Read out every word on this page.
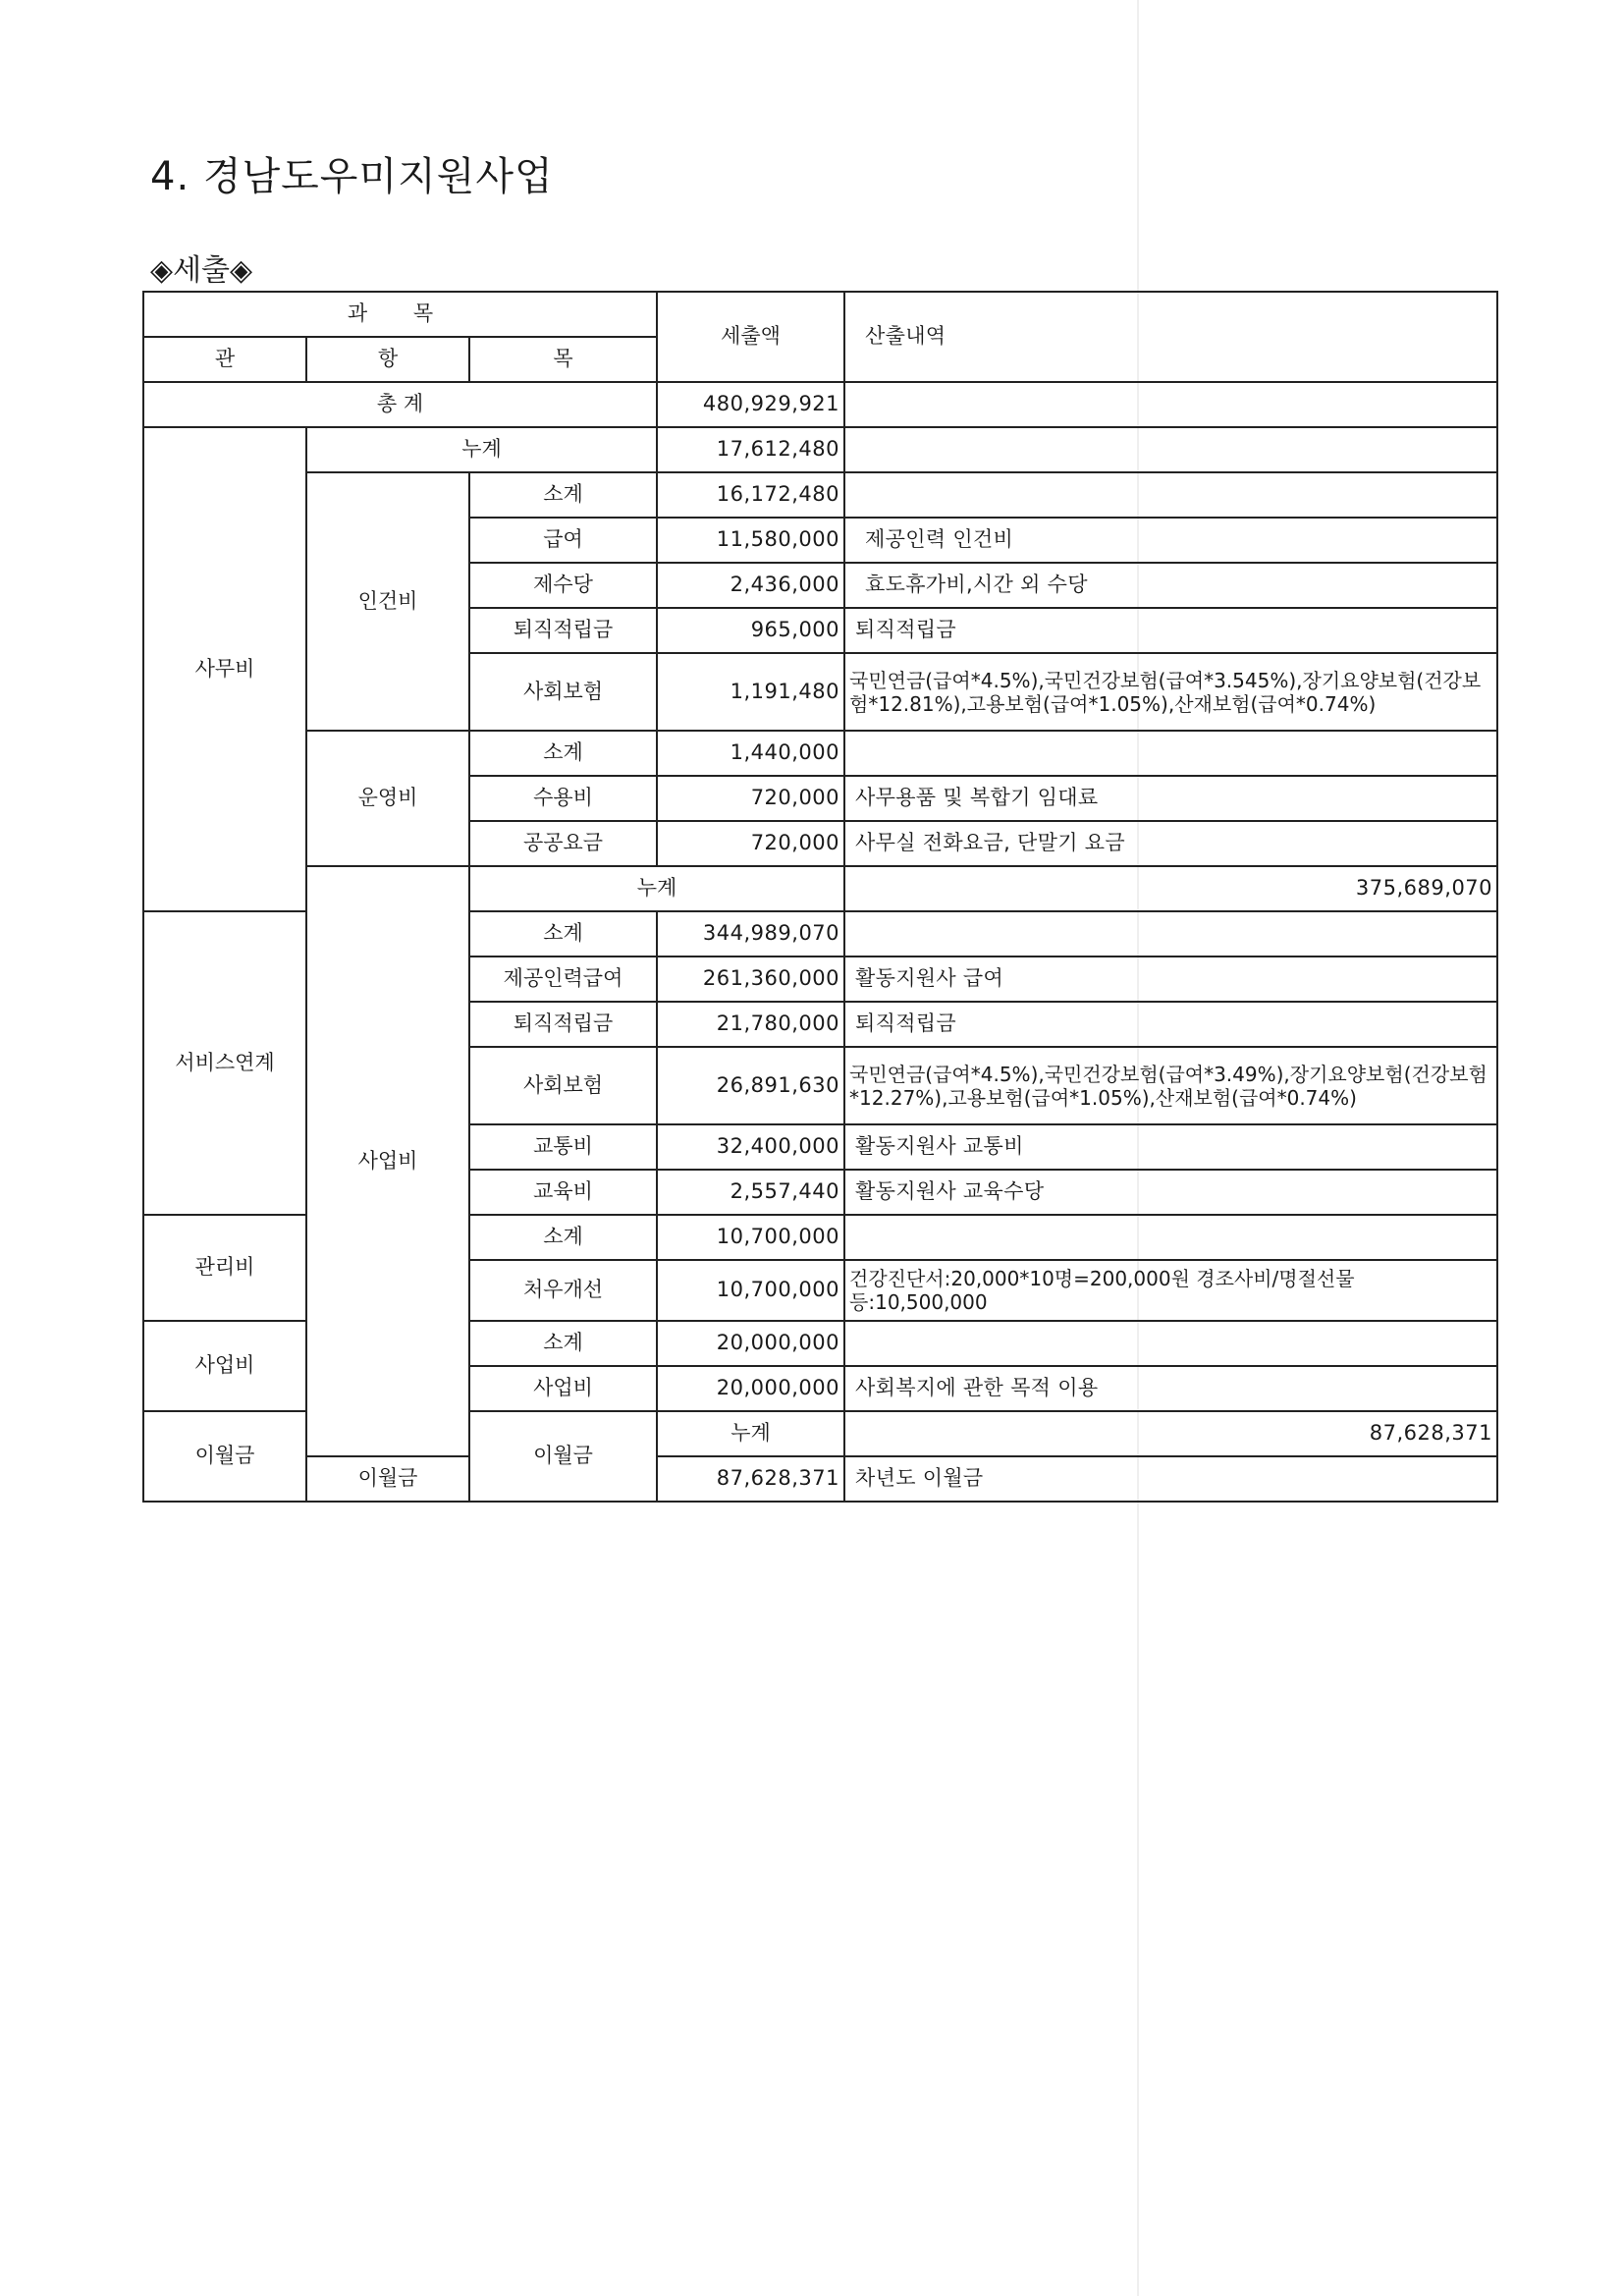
4. 경남도우미지원사업
◈세출◈
과 목			세출액	산출내역	
관	항	목			
총 계			480,929,921		
사무비	누계		17,612,480		
	인건비	소계	16,172,480		
		급여	11,580,000	제공인력 인건비	
		제수당	2,436,000	효도휴가비,시간 외 수당	
		퇴직적립금	965,000	퇴직적립금	
		사회보험	1,191,480	국민연금(급여*4.5%),국민건강보험(급여*3.545%),장기요양보험(건강보험*12.81%),고용보험(급여*1.05%),산재보험(급여*0.74%)	
	운영비	소계	1,440,000		
		수용비	720,000	사무용품 및 복합기 임대료	
		공공요금	720,000	사무실 전화요금, 단말기 요금	
	사업비	누계		375,689,070	
서비스연계		소계	344,989,070		
		제공인력급여	261,360,000	활동지원사 급여	
		퇴직적립금	21,780,000	퇴직적립금	
		사회보험	26,891,630	국민연금(급여*4.5%),국민건강보험(급여*3.49%),장기요양보험(건강보험*12.27%),고용보험(급여*1.05%),산재보험(급여*0.74%)	
		교통비	32,400,000	활동지원사 교통비	
		교육비	2,557,440	활동지원사 교육수당	
관리비		소계	10,700,000		
		처우개선	10,700,000	건강진단서:20,000*10명=200,000원 경조사비/명절선물 등:10,500,000	
사업비		소계	20,000,000		
		사업비	20,000,000	사회복지에 관한 목적 이용	
이월금		이월금	누계	87,628,371	
	이월금		87,628,371	차년도 이월금	
